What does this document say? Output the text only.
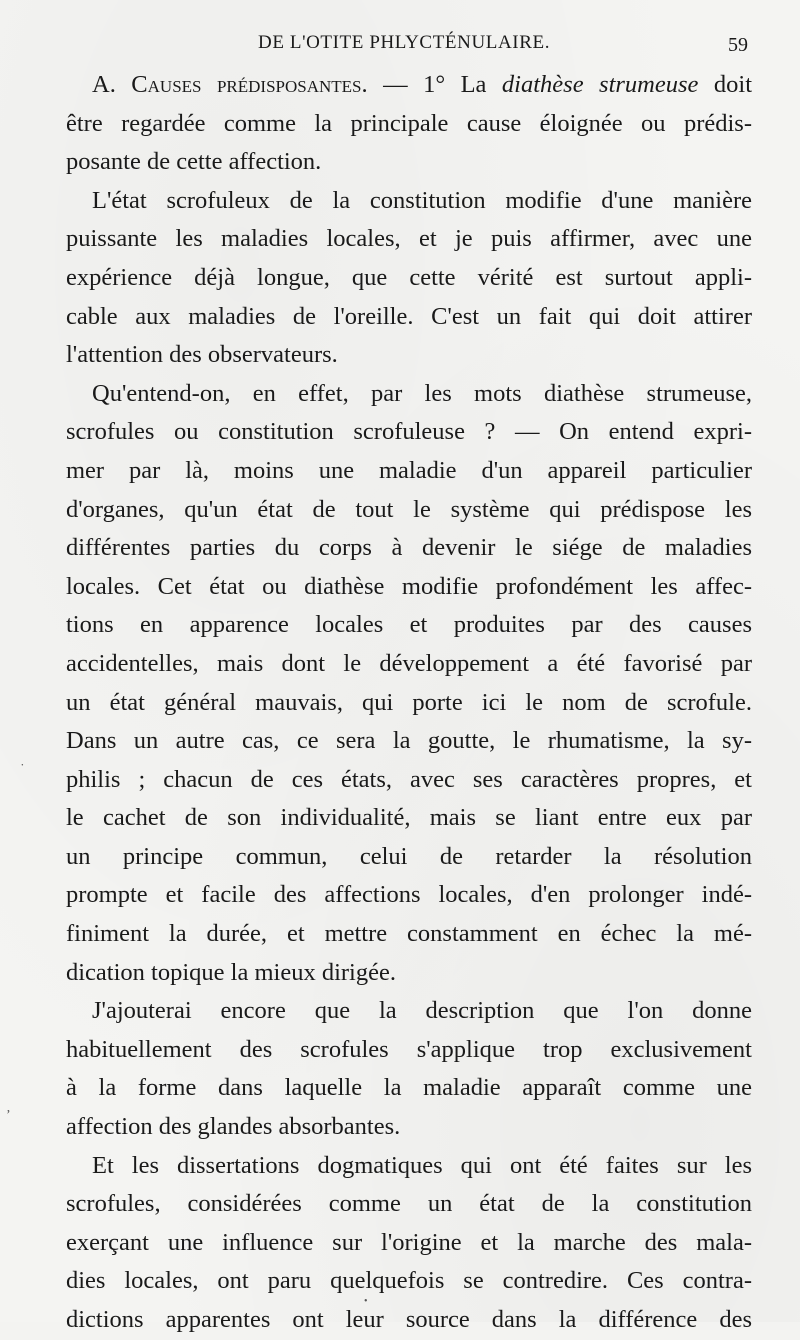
DE L'OTITE PHLYCTÉNULAIRE.	59
A. Causes prédisposantes. — 1° La diathèse strumeuse doit
être regardée comme la principale cause éloignée ou prédis-
posante de cette affection.
L'état scrofuleux de la constitution modifie d'une manière
puissante les maladies locales, et je puis affirmer, avec une
expérience déjà longue, que cette vérité est surtout appli-
cable aux maladies de l'oreille. C'est un fait qui doit attirer
l'attention des observateurs.
Qu'entend-on, en effet, par les mots diathèse strumeuse,
scrofules ou constitution scrofuleuse ? — On entend expri-
mer par là, moins une maladie d'un appareil particulier
d'organes, qu'un état de tout le système qui prédispose les
différentes parties du corps à devenir le siége de maladies
locales. Cet état ou diathèse modifie profondément les affec-
tions en apparence locales et produites par des causes
accidentelles, mais dont le développement a été favorisé par
un état général mauvais, qui porte ici le nom de scrofule.
Dans un autre cas, ce sera la goutte, le rhumatisme, la sy-
philis ; chacun de ces états, avec ses caractères propres, et
le cachet de son individualité, mais se liant entre eux par
un principe commun, celui de retarder la résolution
prompte et facile des affections locales, d'en prolonger indé-
finiment la durée, et mettre constamment en échec la mé-
dication topique la mieux dirigée.
J'ajouterai encore que la description que l'on donne
habituellement des scrofules s'applique trop exclusivement
à la forme dans laquelle la maladie apparaît comme une
affection des glandes absorbantes.
Et les dissertations dogmatiques qui ont été faites sur les
scrofules, considérées comme un état de la constitution
exerçant une influence sur l'origine et la marche des mala-
dies locales, ont paru quelquefois se contredire. Ces contra-
dictions apparentes ont leur source dans la différence des
˙
ʼ
•
